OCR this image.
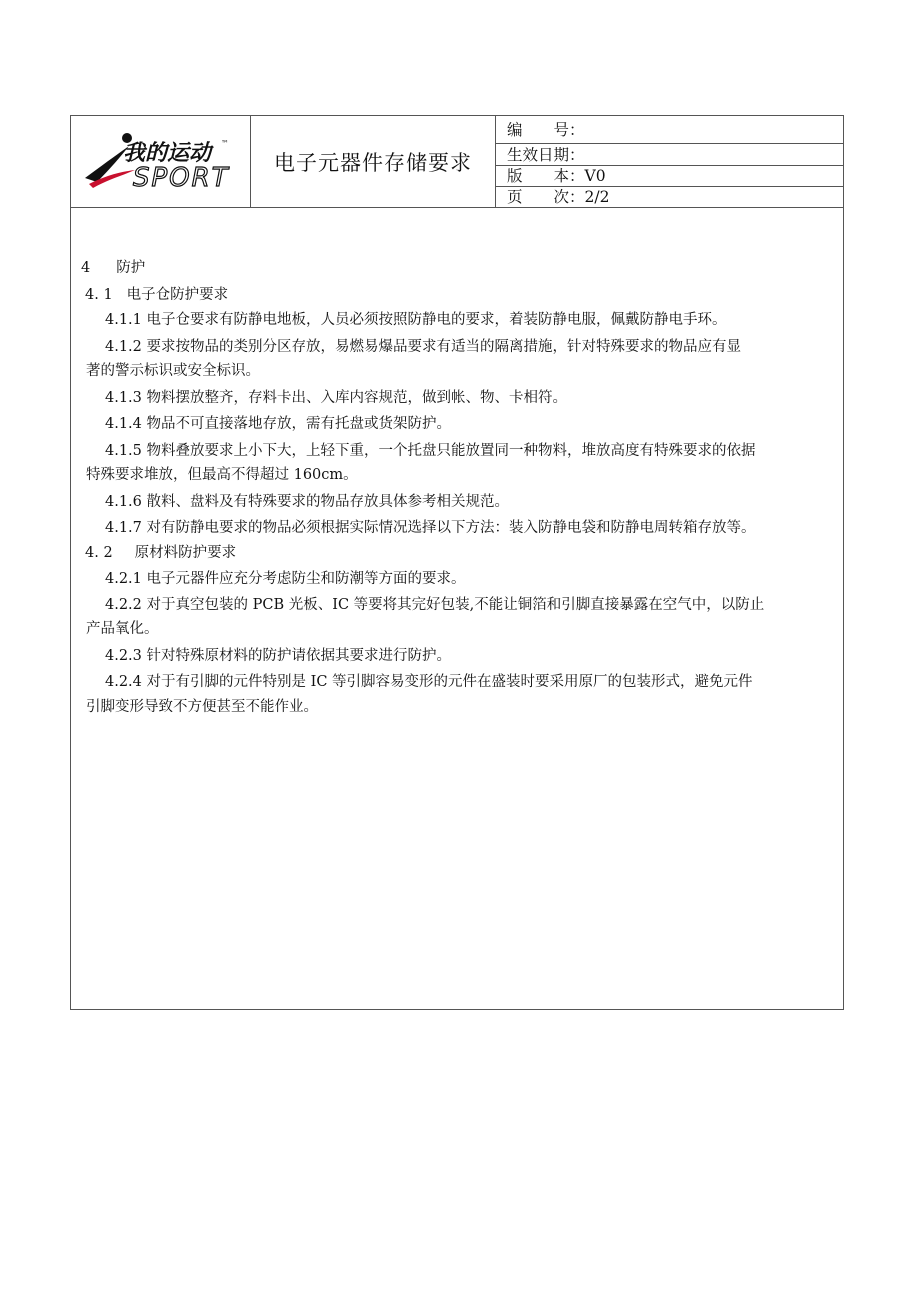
我的运动	™
SPORT
电子元器件存储要求
编　　号：
生效日期：
版　　本：V0
页　　次：2/2
4 防护
4. 1 电子仓防护要求
4.1.1 电子仓要求有防静电地板，人员必须按照防静电的要求，着装防静电服，佩戴防静电手环。
4.1.2 要求按物品的类别分区存放，易燃易爆品要求有适当的隔离措施，针对特殊要求的物品应有显
著的警示标识或安全标识。
4.1.3 物料摆放整齐，存料卡出、入库内容规范，做到帐、物、卡相符。
4.1.4 物品不可直接落地存放，需有托盘或货架防护。
4.1.5 物料叠放要求上小下大，上轻下重，一个托盘只能放置同一种物料，堆放高度有特殊要求的依据
特殊要求堆放，但最高不得超过 160cm。
4.1.6 散料、盘料及有特殊要求的物品存放具体参考相关规范。
4.1.7 对有防静电要求的物品必须根据实际情况选择以下方法：装入防静电袋和防静电周转箱存放等。
4. 2 原材料防护要求
4.2.1 电子元器件应充分考虑防尘和防潮等方面的要求。
4.2.2 对于真空包装的 PCB 光板、IC 等要将其完好包装,不能让铜箔和引脚直接暴露在空气中，以防止
产品氧化。
4.2.3 针对特殊原材料的防护请依据其要求进行防护。
4.2.4 对于有引脚的元件特别是 IC 等引脚容易变形的元件在盛装时要采用原厂的包装形式，避免元件
引脚变形导致不方便甚至不能作业。
